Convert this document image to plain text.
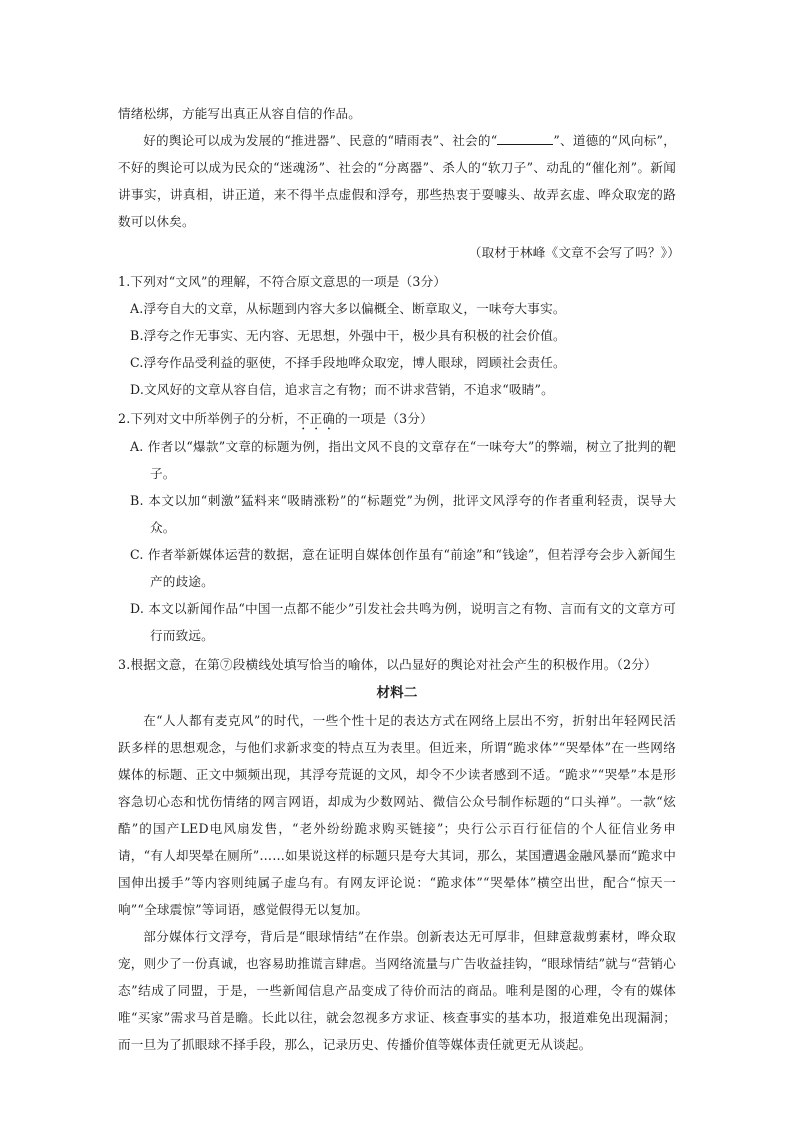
情绪松绑，方能写出真正从容自信的作品。

好的舆论可以成为发展的“推进器”、民意的“晴雨表”、社会的“	”、道德的“风向标”，不好的舆论可以成为民众的“迷魂汤”、社会的“分离器”、杀人的“软刀子”、动乱的“催化剂”。新闻讲事实，讲真相，讲正道，来不得半点虚假和浮夸，那些热衷于耍噱头、故弄玄虚、哗众取宠的路数可以休矣。

（取材于林峰《文章不会写了吗？》）

1.下列对“文风”的理解，不符合原文意思的一项是（3分）

A.浮夸自大的文章，从标题到内容大多以偏概全、断章取义，一味夸大事实。

B.浮夸之作无事实、无内容、无思想，外强中干，极少具有积极的社会价值。

C.浮夸作品受利益的驱使，不择手段地哗众取宠，博人眼球，罔顾社会责任。

D.文风好的文章从容自信，追求言之有物；而不讲求营销，不追求“吸睛”。

2.下列对文中所举例子的分析，不正确的一项是（3分）

A. 作者以“爆款”文章的标题为例，指出文风不良的文章存在“一味夸大”的弊端，树立了批判的靶子。

B. 本文以加“刺激”猛料来“吸睛涨粉”的“标题党”为例，批评文风浮夸的作者重利轻责，误导大众。

C. 作者举新媒体运营的数据，意在证明自媒体创作虽有“前途”和“钱途”，但若浮夸会步入新闻生产的歧途。

D. 本文以新闻作品“中国一点都不能少”引发社会共鸣为例，说明言之有物、言而有文的文章方可行而致远。

3.根据文意，在第⑦段横线处填写恰当的喻体，以凸显好的舆论对社会产生的积极作用。（2分）

材料二

在“人人都有麦克风”的时代，一些个性十足的表达方式在网络上层出不穷，折射出年轻网民活跃多样的思想观念，与他们求新求变的特点互为表里。但近来，所谓“跪求体”“哭晕体”在一些网络媒体的标题、正文中频频出现，其浮夸荒诞的文风，却令不少读者感到不适。“跪求”“哭晕”本是形容急切心态和忧伤情绪的网言网语，却成为少数网站、微信公众号制作标题的“口头禅”。一款“炫酷”的国产LED电风扇发售，“老外纷纷跪求购买链接”；央行公示百行征信的个人征信业务申请，“有人却哭晕在厕所”……如果说这样的标题只是夸大其词，那么，某国遭遇金融风暴而“跪求中国伸出援手”等内容则纯属子虚乌有。有网友评论说：“跪求体”“哭晕体”横空出世，配合“惊天一响”“全球震惊”等词语，感觉假得无以复加。

部分媒体行文浮夸，背后是“眼球情结”在作祟。创新表达无可厚非，但肆意裁剪素材，哗众取宠，则少了一份真诚，也容易助推谎言肆虐。当网络流量与广告收益挂钩，“眼球情结”就与“营销心态”结成了同盟，于是，一些新闻信息产品变成了待价而沽的商品。唯利是图的心理，令有的媒体唯“买家”需求马首是瞻。长此以往，就会忽视多方求证、核查事实的基本功，报道难免出现漏洞；而一旦为了抓眼球不择手段，那么，记录历史、传播价值等媒体责任就更无从谈起。
